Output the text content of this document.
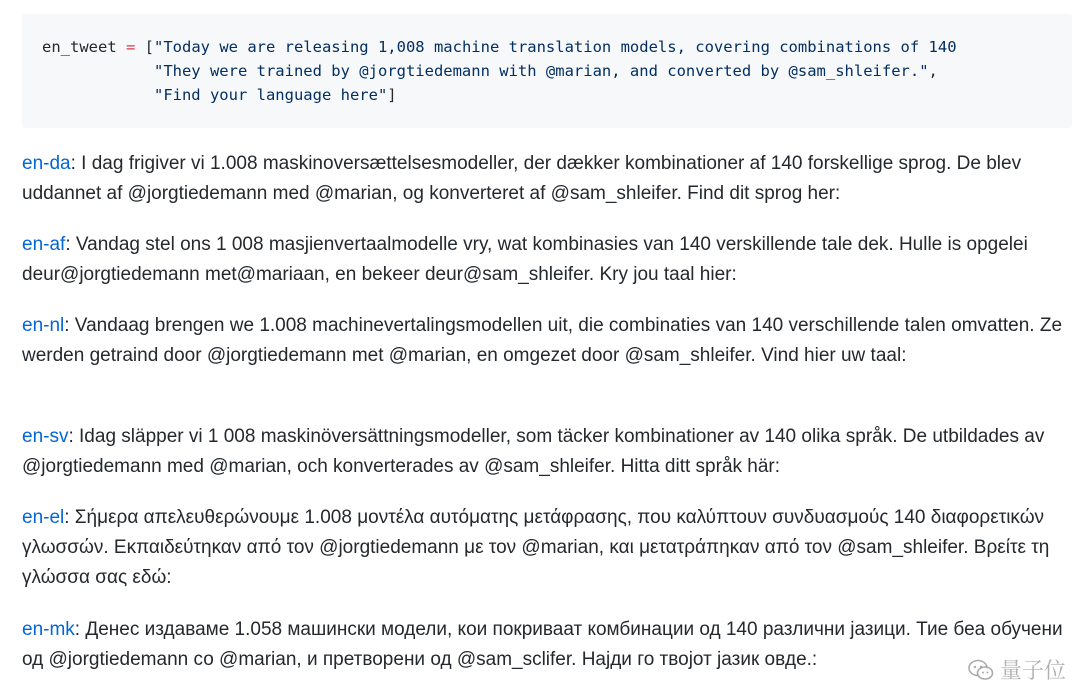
en_tweet = ["Today we are releasing 1,008 machine translation models, covering combinations of 140
"They were trained by @jorgtiedemann with @marian, and converted by @sam_shleifer.",
"Find your language here"]

en-da: I dag frigiver vi 1.008 maskinoversættelsesmodeller, der dækker kombinationer af 140 forskellige sprog. De blev uddannet af @jorgtiedemann med @marian, og konverteret af @sam_shleifer. Find dit sprog her:

en-af: Vandag stel ons 1 008 masjienvertaalmodelle vry, wat kombinasies van 140 verskillende tale dek. Hulle is opgelei deur@jorgtiedemann met@mariaan, en bekeer deur@sam_shleifer. Kry jou taal hier:

en-nl: Vandaag brengen we 1.008 machinevertalingsmodellen uit, die combinaties van 140 verschillende talen omvatten. Ze werden getraind door @jorgtiedemann met @marian, en omgezet door @sam_shleifer. Vind hier uw taal:

en-sv: Idag släpper vi 1 008 maskinöversättningsmodeller, som täcker kombinationer av 140 olika språk. De utbildades av @jorgtiedemann med @marian, och konverterades av @sam_shleifer. Hitta ditt språk här:

en-el: Σήμερα απελευθερώνουμε 1.008 μοντέλα αυτόματης μετάφρασης, που καλύπτουν συνδυασμούς 140 διαφορετικών γλωσσών. Εκπαιδεύτηκαν από τον @jorgtiedemann με τον @marian, και μετατράπηκαν από τον @sam_shleifer. Βρείτε τη γλώσσα σας εδώ:

en-mk: Денес издаваме 1.058 машински модели, кои покриваат комбинации од 140 различни јазици. Тие беа обучени од @jorgtiedemann со @marian, и претворени од @sam_sclifer. Најди го твојот јазик овде.:	量子位
